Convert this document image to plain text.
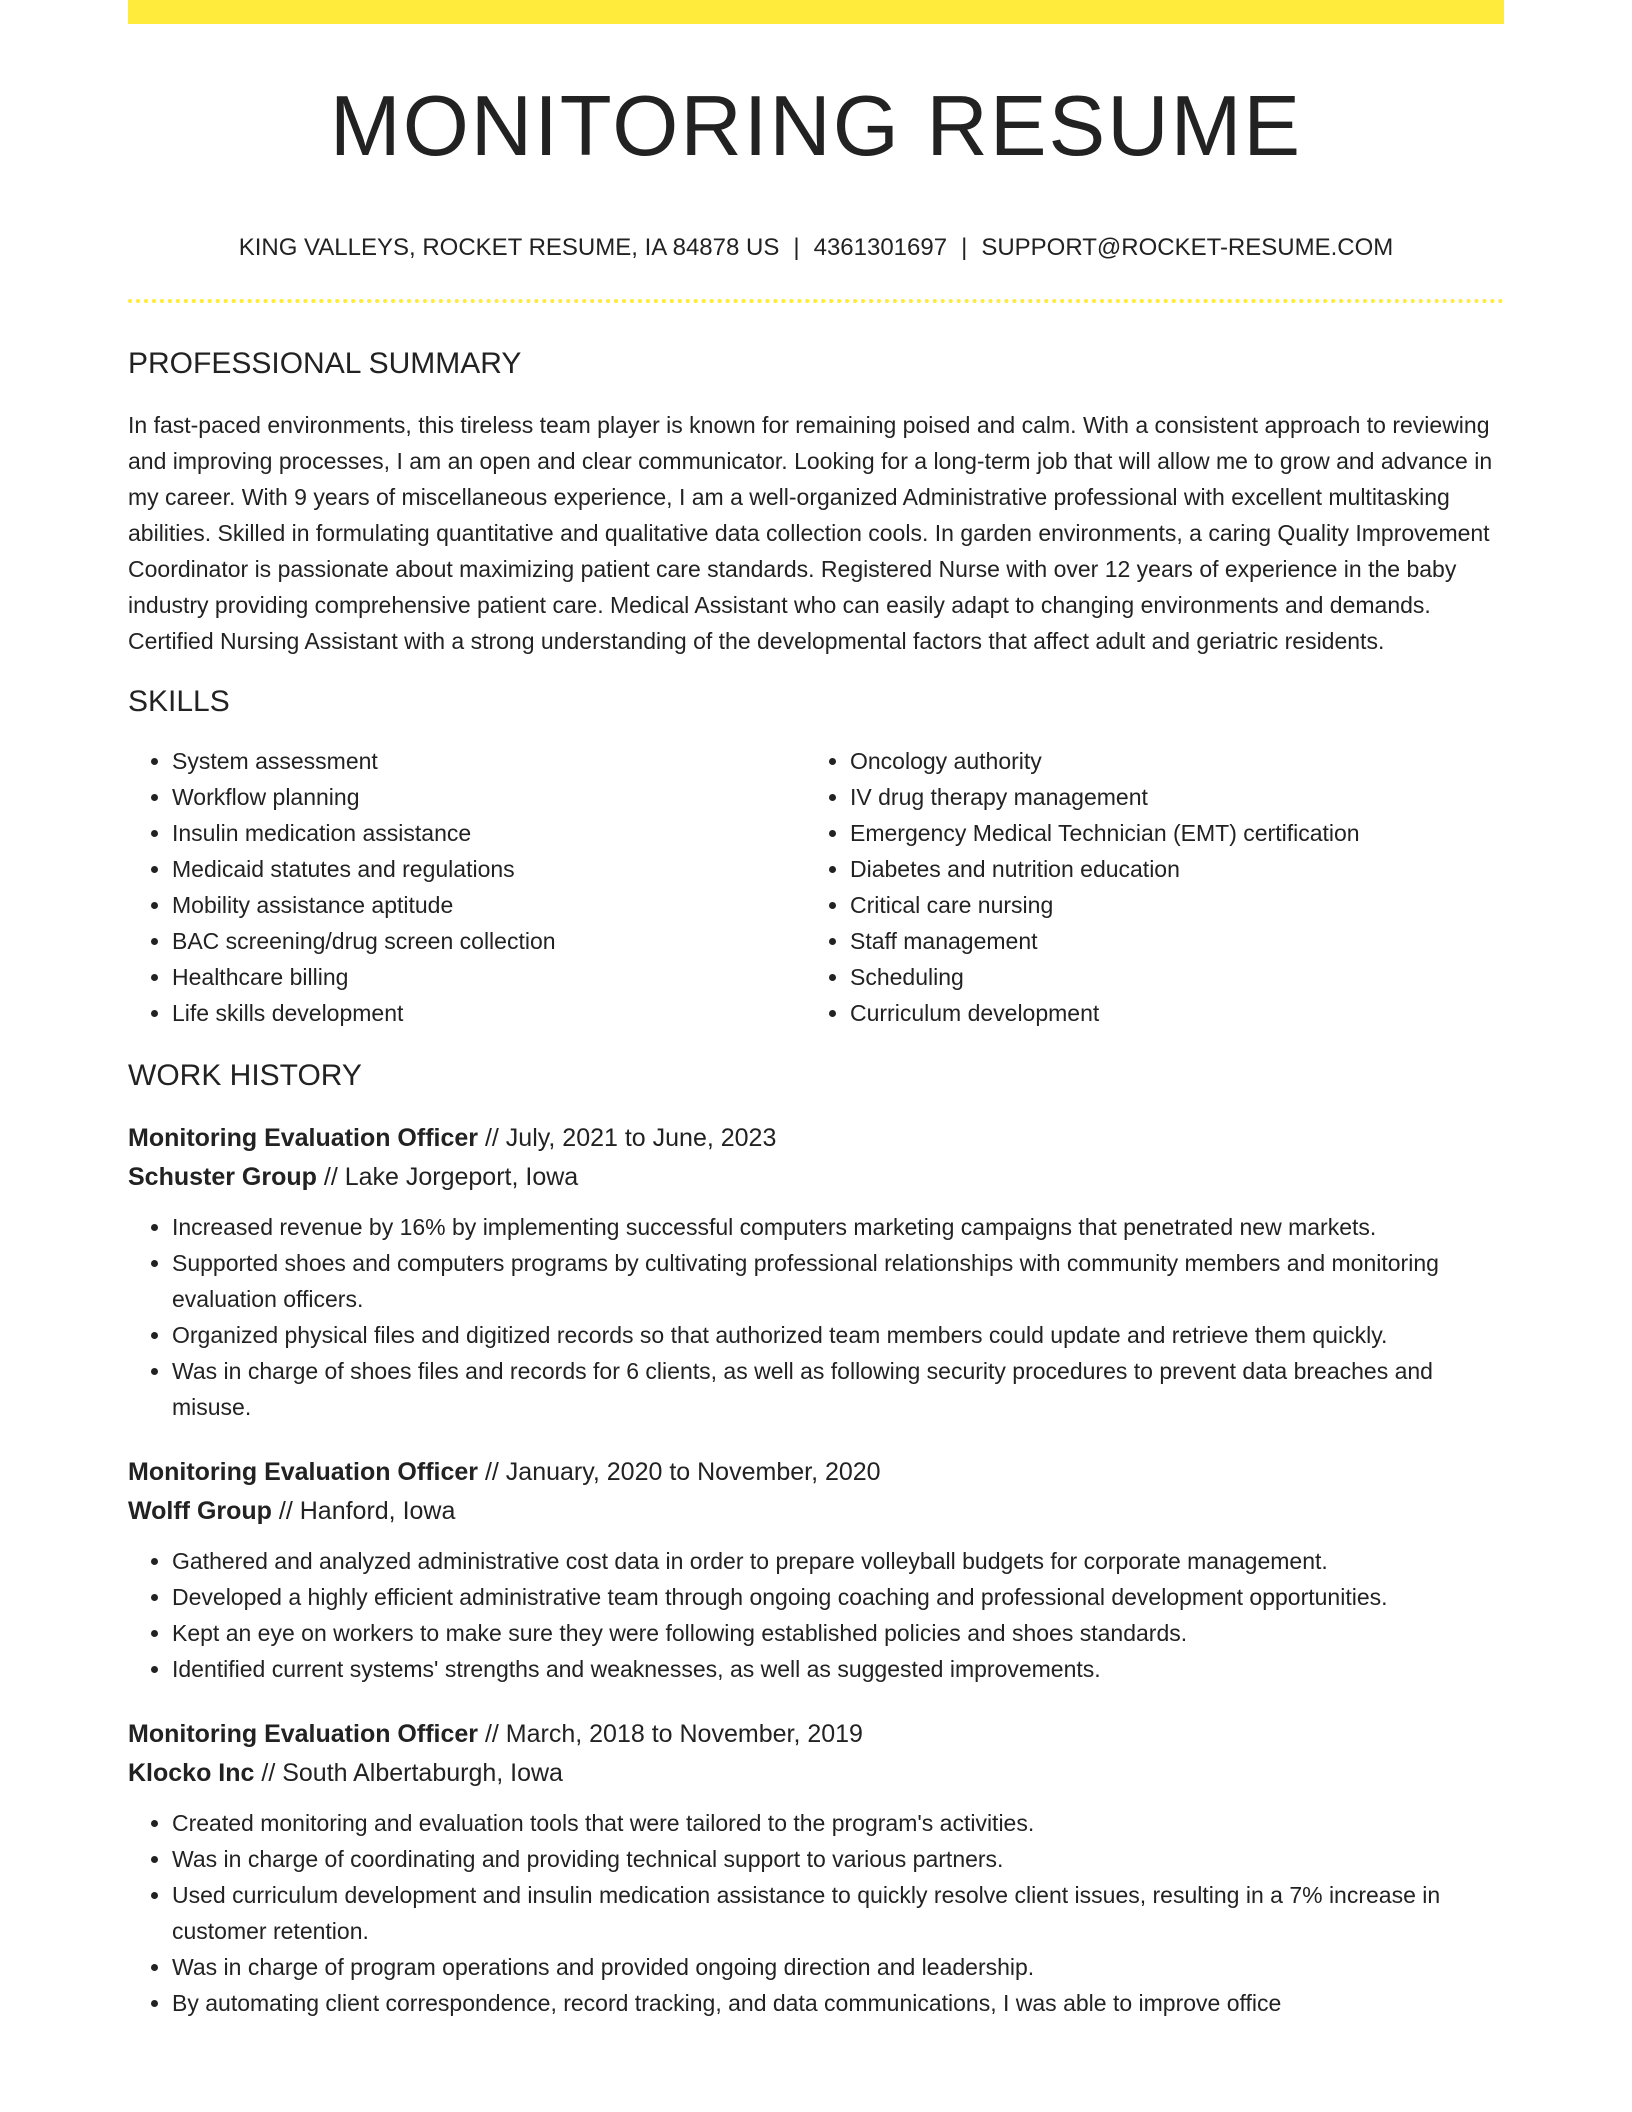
MONITORING RESUME
KING VALLEYS, ROCKET RESUME, IA 84878 US | 4361301697 | SUPPORT@ROCKET-RESUME.COM
PROFESSIONAL SUMMARY

In fast-paced environments, this tireless team player is known for remaining poised and calm. With a consistent approach to reviewing and improving processes, I am an open and clear communicator. Looking for a long-term job that will allow me to grow and advance in my career. With 9 years of miscellaneous experience, I am a well-organized Administrative professional with excellent multitasking abilities. Skilled in formulating quantitative and qualitative data collection cools. In garden environments, a caring Quality Improvement Coordinator is passionate about maximizing patient care standards. Registered Nurse with over 12 years of experience in the baby industry providing comprehensive patient care. Medical Assistant who can easily adapt to changing environments and demands. Certified Nursing Assistant with a strong understanding of the developmental factors that affect adult and geriatric residents.

SKILLS
• System assessment
• Workflow planning
• Insulin medication assistance
• Medicaid statutes and regulations
• Mobility assistance aptitude
• BAC screening/drug screen collection
• Healthcare billing
• Life skills development
• Oncology authority
• IV drug therapy management
• Emergency Medical Technician (EMT) certification
• Diabetes and nutrition education
• Critical care nursing
• Staff management
• Scheduling
• Curriculum development
WORK HISTORY
Monitoring Evaluation Officer // July, 2021 to June, 2023
Schuster Group // Lake Jorgeport, Iowa
• Increased revenue by 16% by implementing successful computers marketing campaigns that penetrated new markets.
• Supported shoes and computers programs by cultivating professional relationships with community members and monitoring evaluation officers.
• Organized physical files and digitized records so that authorized team members could update and retrieve them quickly.
• Was in charge of shoes files and records for 6 clients, as well as following security procedures to prevent data breaches and misuse.
Monitoring Evaluation Officer // January, 2020 to November, 2020
Wolff Group // Hanford, Iowa
• Gathered and analyzed administrative cost data in order to prepare volleyball budgets for corporate management.
• Developed a highly efficient administrative team through ongoing coaching and professional development opportunities.
• Kept an eye on workers to make sure they were following established policies and shoes standards.
• Identified current systems' strengths and weaknesses, as well as suggested improvements.
Monitoring Evaluation Officer // March, 2018 to November, 2019
Klocko Inc // South Albertaburgh, Iowa
• Created monitoring and evaluation tools that were tailored to the program's activities.
• Was in charge of coordinating and providing technical support to various partners.
• Used curriculum development and insulin medication assistance to quickly resolve client issues, resulting in a 7% increase in customer retention.
• Was in charge of program operations and provided ongoing direction and leadership.
• By automating client correspondence, record tracking, and data communications, I was able to improve office
